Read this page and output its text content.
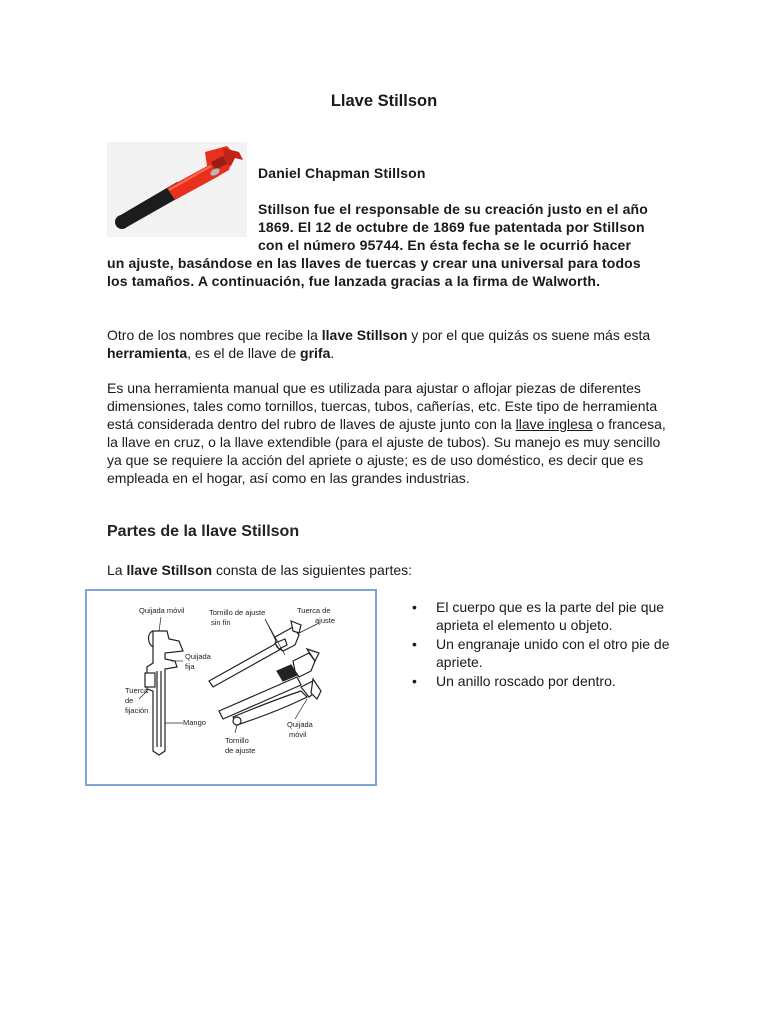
Llave Stillson

Daniel Chapman Stillson

Stillson fue el responsable de su creación justo en el año 1869. El 12 de octubre de 1869 fue patentada por Stillson con el número 95744. En ésta fecha se le ocurrió hacer un ajuste, basándose en las llaves de tuercas y crear una universal para todos los tamaños. A continuación, fue lanzada gracias a la firma de Walworth.

Otro de los nombres que recibe la llave Stillson y por el que quizás os suene más esta herramienta, es el de llave de grifa.

Es una herramienta manual que es utilizada para ajustar o aflojar piezas de diferentes dimensiones, tales como tornillos, tuercas, tubos, cañerías, etc. Este tipo de herramienta está considerada dentro del rubro de llaves de ajuste junto con la llave inglesa o francesa, la llave en cruz, o la llave extendible (para el ajuste de tubos). Su manejo es muy sencillo ya que se requiere la acción del apriete o ajuste; es de uso doméstico, es decir que es empleada en el hogar, así como en las grandes industrias.

Partes de la llave Stillson

La llave Stillson consta de las siguientes partes:

Quijada móvil	Tornillo de ajuste
sin fin
Tuerca de
ajuste
Quijada
fija
Tuerca
de
fijación
Mango
Tornillo
de ajuste
Quijada
móvil
• El cuerpo que es la parte del pie que aprieta el elemento u objeto.
• Un engranaje unido con el otro pie de apriete.
• Un anillo roscado por dentro.
